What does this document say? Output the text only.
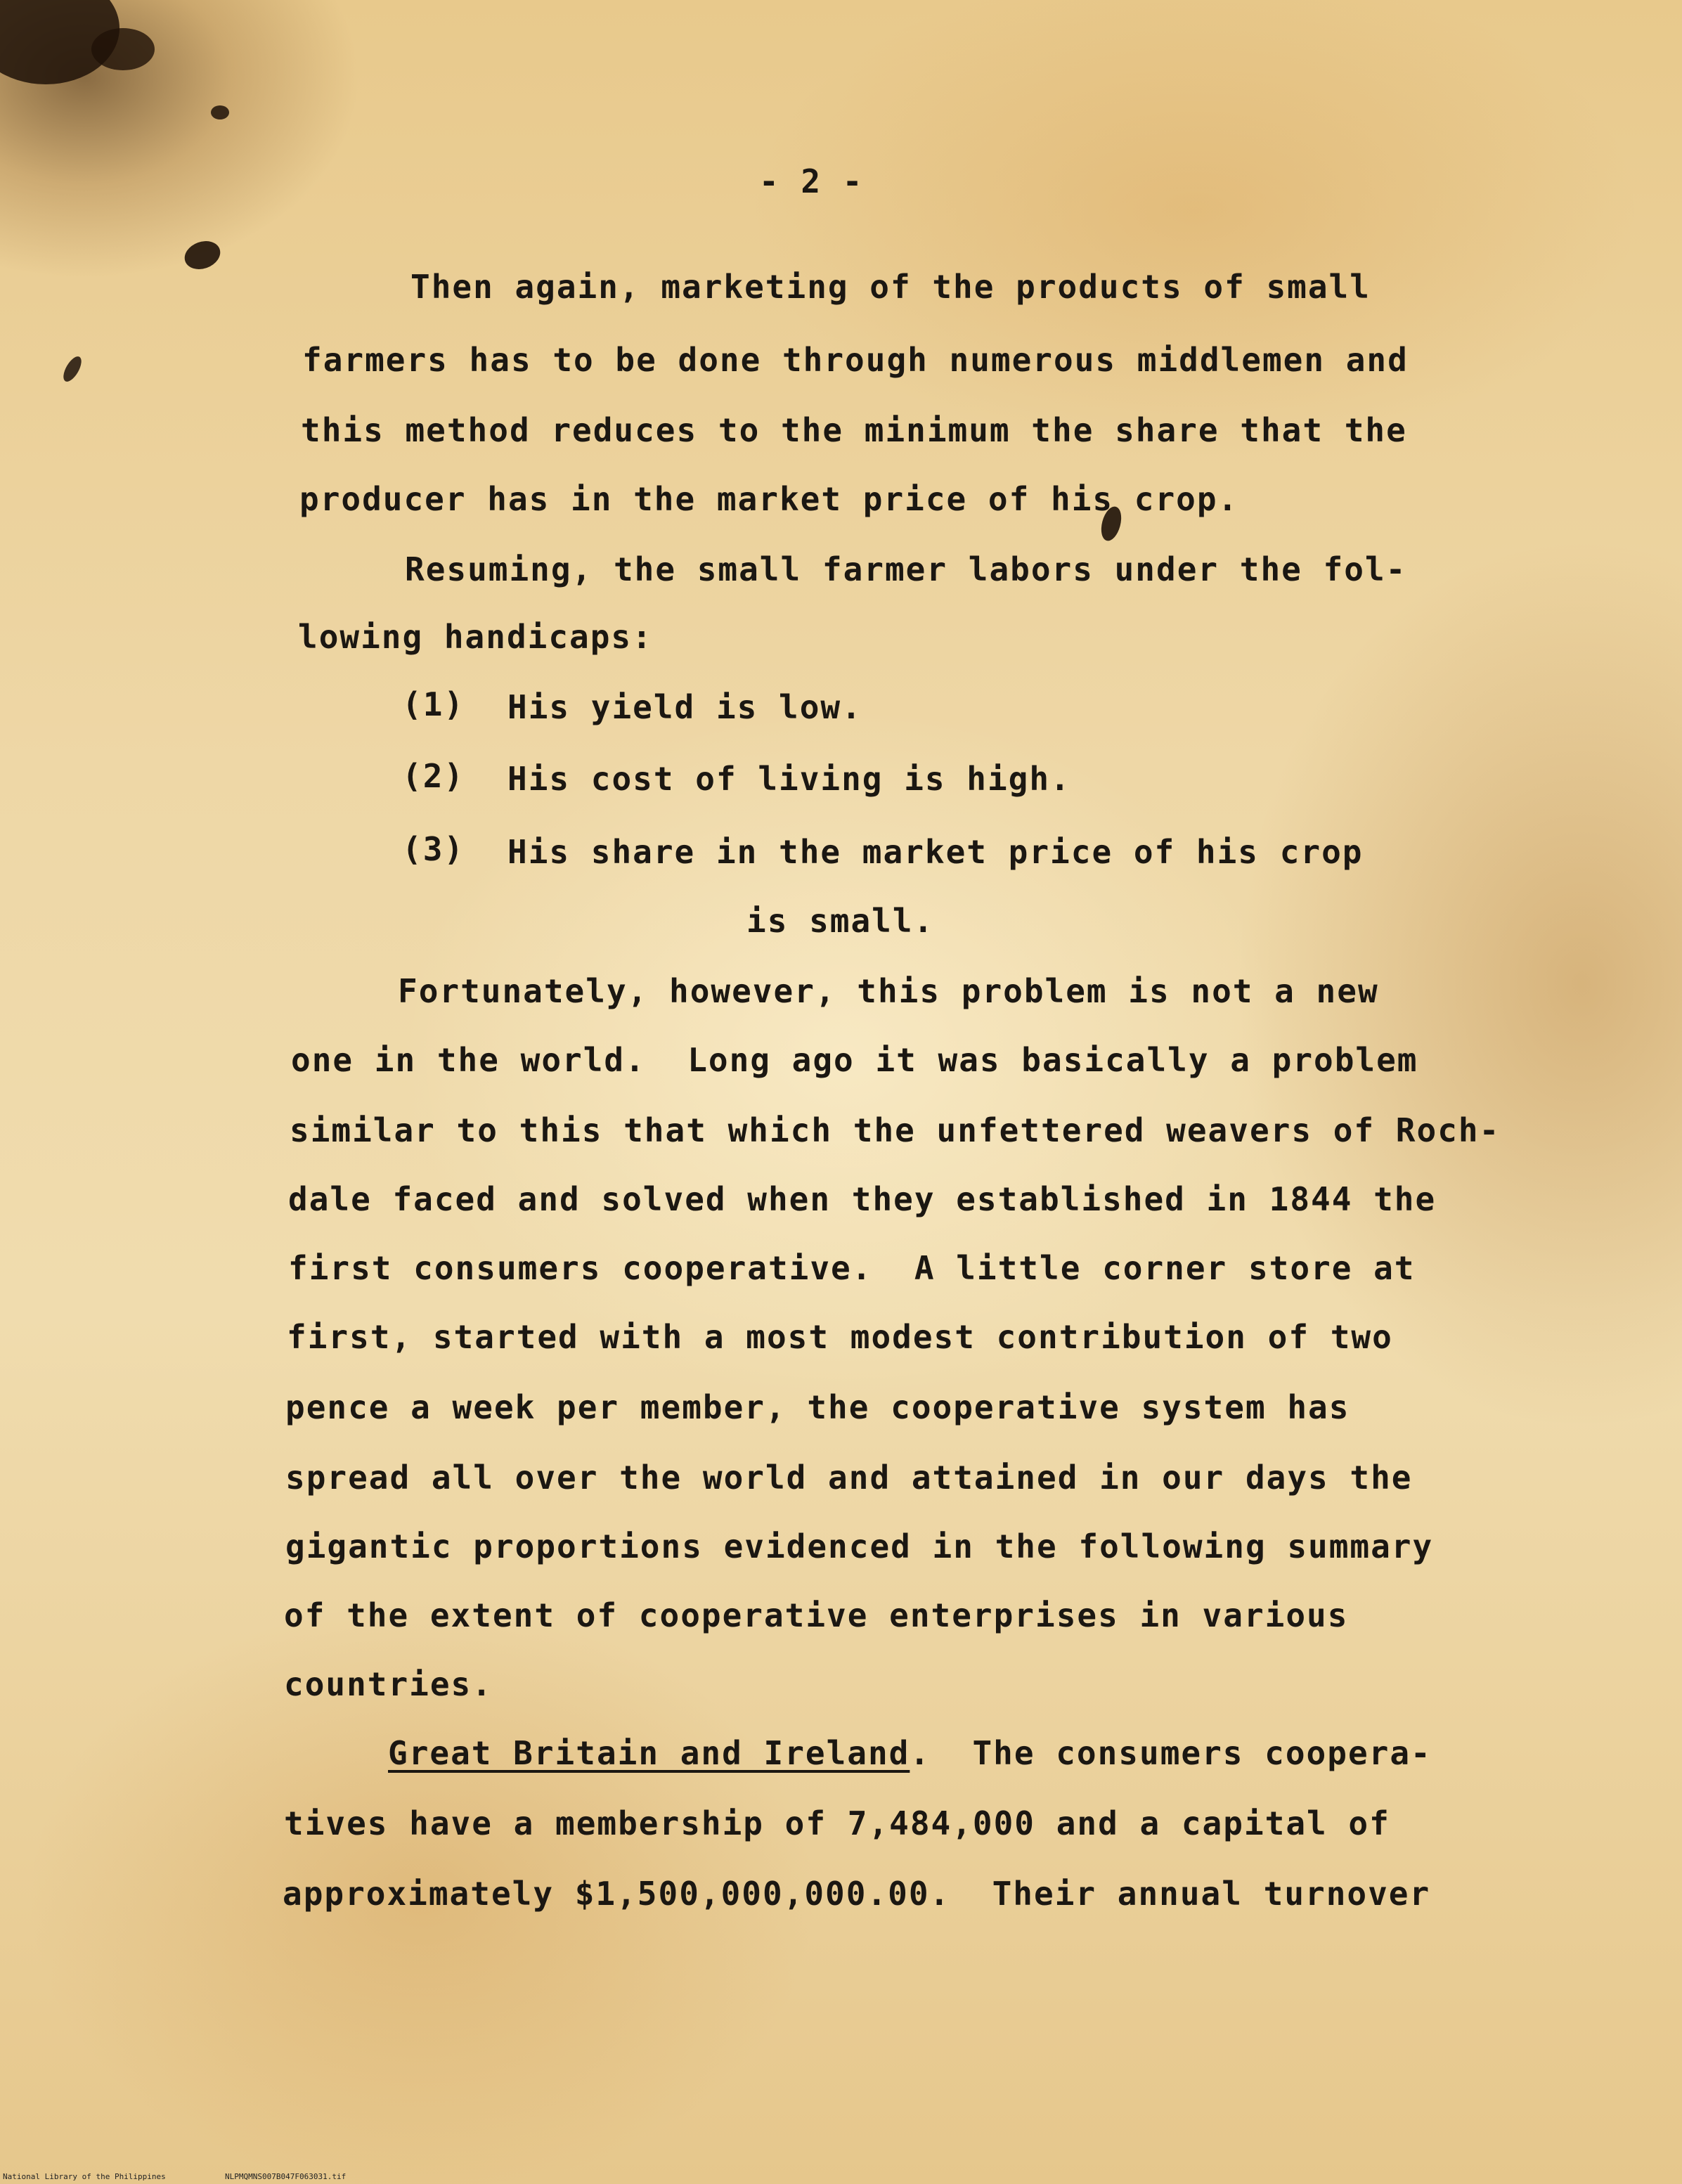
- 2 -
Then again, marketing of the products of small
farmers has to be done through numerous middlemen and
this method reduces to the minimum the share that the
producer has in the market price of his crop.
Resuming, the small farmer labors under the fol-
lowing handicaps:
(1) His yield is low.
(2) His cost of living is high.
(3) His share in the market price of his crop
is small.
Fortunately, however, this problem is not a new
one in the world.  Long ago it was basically a problem
similar to this that which the unfettered weavers of Roch-
dale faced and solved when they established in 1844 the
first consumers cooperative.  A little corner store at
first, started with a most modest contribution of two
pence a week per member, the cooperative system has
spread all over the world and attained in our days the
gigantic proportions evidenced in the following summary
of the extent of cooperative enterprises in various
countries.
Great Britain and Ireland.  The consumers coopera-
tives have a membership of 7,484,000 and a capital of
approximately $1,500,000,000.00.  Their annual turnover
National Library of the Philippines	NLPMQMNS007B047F063031.tif
